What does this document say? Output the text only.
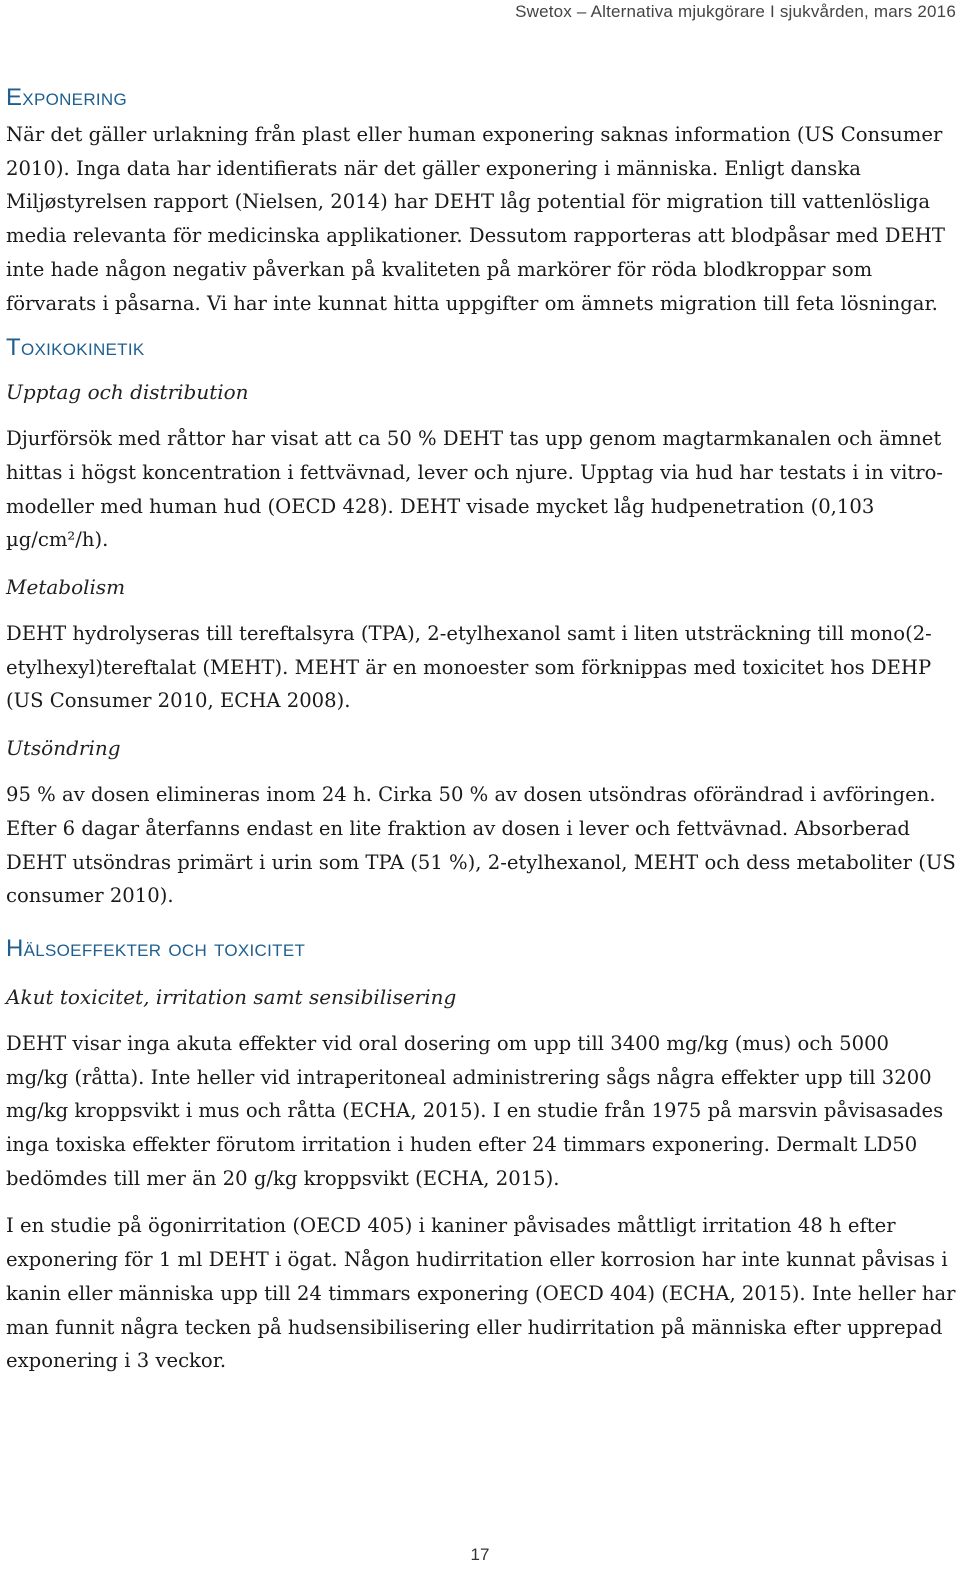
Swetox – Alternativa mjukgörare I sjukvården, mars 2016
Exponering

När det gäller urlakning från plast eller human exponering saknas information (US Consumer 2010). Inga data har identifierats när det gäller exponering i människa. Enligt danska Miljøstyrelsen rapport (Nielsen, 2014) har DEHT låg potential för migration till vattenlösliga media relevanta för medicinska applikationer. Dessutom rapporteras att blodpåsar med DEHT inte hade någon negativ påverkan på kvaliteten på markörer för röda blodkroppar som förvarats i påsarna. Vi har inte kunnat hitta uppgifter om ämnets migration till feta lösningar.

Toxikokinetik
Upptag och distribution

Djurförsök med råttor har visat att ca 50 % DEHT tas upp genom magtarmkanalen och ämnet hittas i högst koncentration i fettvävnad, lever och njure. Upptag via hud har testats i in vitro-modeller med human hud (OECD 428). DEHT visade mycket låg hudpenetration (0,103 µg/cm²/h).

Metabolism

DEHT hydrolyseras till tereftalsyra (TPA), 2-etylhexanol samt i liten utsträckning till mono(2-etylhexyl)tereftalat (MEHT). MEHT är en monoester som förknippas med toxicitet hos DEHP (US Consumer 2010, ECHA 2008).

Utsöndring

95 % av dosen elimineras inom 24 h. Cirka 50 % av dosen utsöndras oförändrad i avföringen. Efter 6 dagar återfanns endast en lite fraktion av dosen i lever och fettvävnad. Absorberad DEHT utsöndras primärt i urin som TPA (51 %), 2-etylhexanol, MEHT och dess metaboliter (US consumer 2010).

Hälsoeffekter och toxicitet
Akut toxicitet, irritation samt sensibilisering

DEHT visar inga akuta effekter vid oral dosering om upp till 3400 mg/kg (mus) och 5000 mg/kg (råtta). Inte heller vid intraperitoneal administrering sågs några effekter upp till 3200 mg/kg kroppsvikt i mus och råtta (ECHA, 2015). I en studie från 1975 på marsvin påvisasades inga toxiska effekter förutom irritation i huden efter 24 timmars exponering. Dermalt LD50 bedömdes till mer än 20 g/kg kroppsvikt (ECHA, 2015).

I en studie på ögonirritation (OECD 405) i kaniner påvisades måttligt irritation 48 h efter exponering för 1 ml DEHT i ögat. Någon hudirritation eller korrosion har inte kunnat påvisas i kanin eller människa upp till 24 timmars exponering (OECD 404) (ECHA, 2015). Inte heller har man funnit några tecken på hudsensibilisering eller hudirritation på människa efter upprepad exponering i 3 veckor.

17
